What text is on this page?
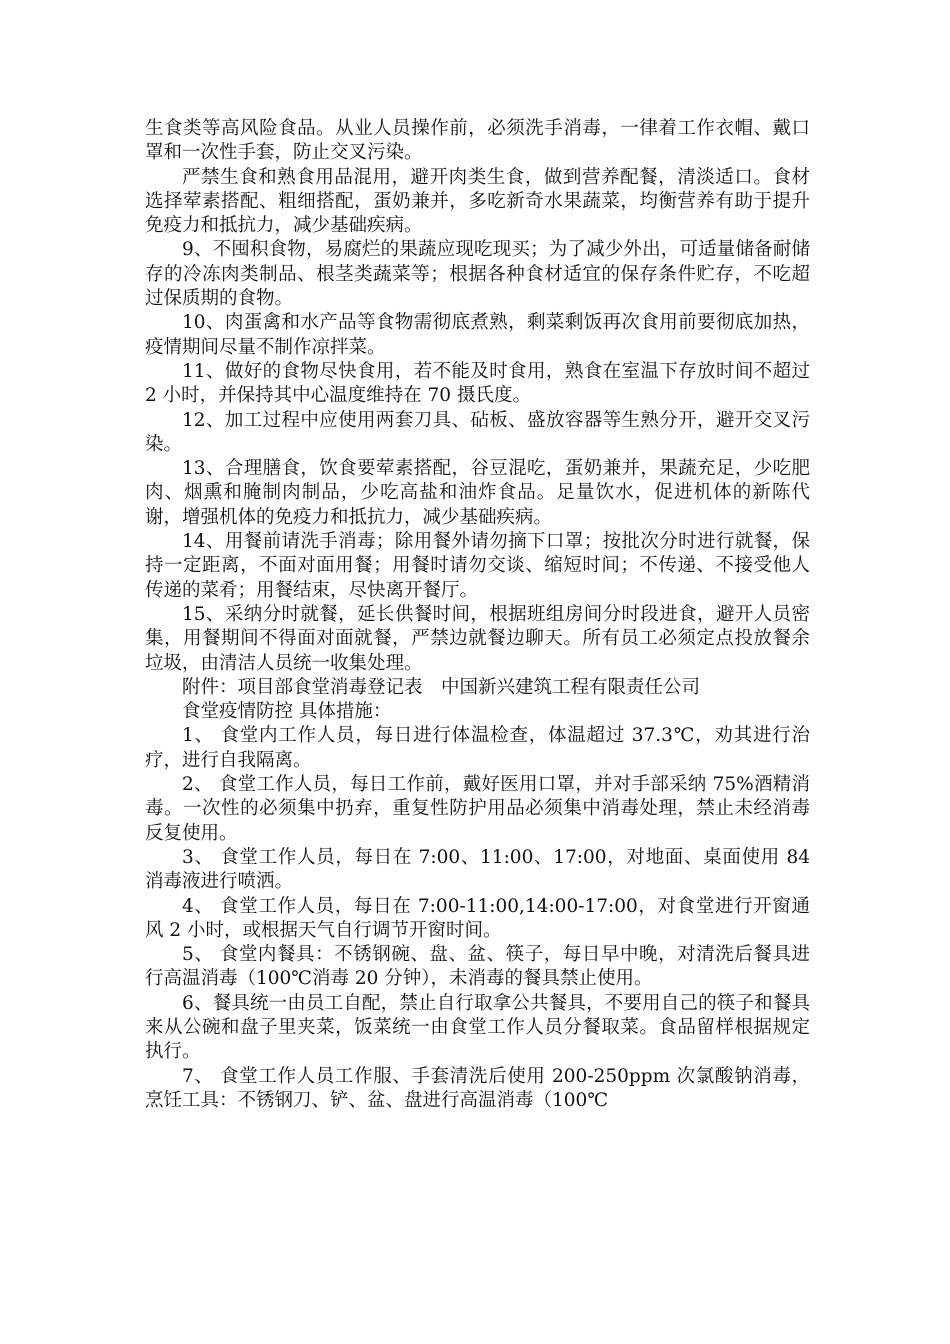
生食类等高风险食品。从业人员操作前，必须洗手消毒，一律着工作衣帽、戴口罩和一次性手套，防止交叉污染。

严禁生食和熟食用品混用，避开肉类生食，做到营养配餐，清淡适口。食材选择荤素搭配、粗细搭配，蛋奶兼并，多吃新奇水果蔬菜，均衡营养有助于提升免疫力和抵抗力，减少基础疾病。

9、不囤积食物，易腐烂的果蔬应现吃现买；为了减少外出，可适量储备耐储存的冷冻肉类制品、根茎类蔬菜等；根据各种食材适宜的保存条件贮存，不吃超过保质期的食物。

10、肉蛋禽和水产品等食物需彻底煮熟，剩菜剩饭再次食用前要彻底加热，疫情期间尽量不制作凉拌菜。

11、做好的食物尽快食用，若不能及时食用，熟食在室温下存放时间不超过 2 小时，并保持其中心温度维持在 70 摄氏度。

12、加工过程中应使用两套刀具、砧板、盛放容器等生熟分开，避开交叉污染。

13、合理膳食，饮食要荤素搭配，谷豆混吃，蛋奶兼并，果蔬充足，少吃肥肉、烟熏和腌制肉制品，少吃高盐和油炸食品。足量饮水，促进机体的新陈代谢，增强机体的免疫力和抵抗力，减少基础疾病。

14、用餐前请洗手消毒；除用餐外请勿摘下口罩；按批次分时进行就餐，保持一定距离，不面对面用餐；用餐时请勿交谈、缩短时间；不传递、不接受他人传递的菜肴；用餐结束，尽快离开餐厅。

15、采纳分时就餐，延长供餐时间，根据班组房间分时段进食，避开人员密集，用餐期间不得面对面就餐，严禁边就餐边聊天。所有员工必须定点投放餐余垃圾，由清洁人员统一收集处理。

附件：项目部食堂消毒登记表　中国新兴建筑工程有限责任公司

食堂疫情防控 具体措施：

1、 食堂内工作人员，每日进行体温检查，体温超过 37.3℃，劝其进行治疗，进行自我隔离。

2、 食堂工作人员，每日工作前，戴好医用口罩，并对手部采纳 75%酒精消毒。一次性的必须集中扔弃，重复性防护用品必须集中消毒处理，禁止未经消毒反复使用。

3、 食堂工作人员，每日在 7:00、11:00、17:00，对地面、桌面使用 84 消毒液进行喷洒。

4、 食堂工作人员，每日在 7:00-11:00,14:00-17:00，对食堂进行开窗通风 2 小时，或根据天气自行调节开窗时间。

5、 食堂内餐具：不锈钢碗、盘、盆、筷子，每日早中晚，对清洗后餐具进行高温消毒（100℃消毒 20 分钟），未消毒的餐具禁止使用。

6、餐具统一由员工自配，禁止自行取拿公共餐具，不要用自己的筷子和餐具来从公碗和盘子里夹菜，饭菜统一由食堂工作人员分餐取菜。食品留样根据规定执行。

7、 食堂工作人员工作服、手套清洗后使用 200-250ppm 次氯酸钠消毒，烹饪工具：不锈钢刀、铲、盆、盘进行高温消毒（100℃
